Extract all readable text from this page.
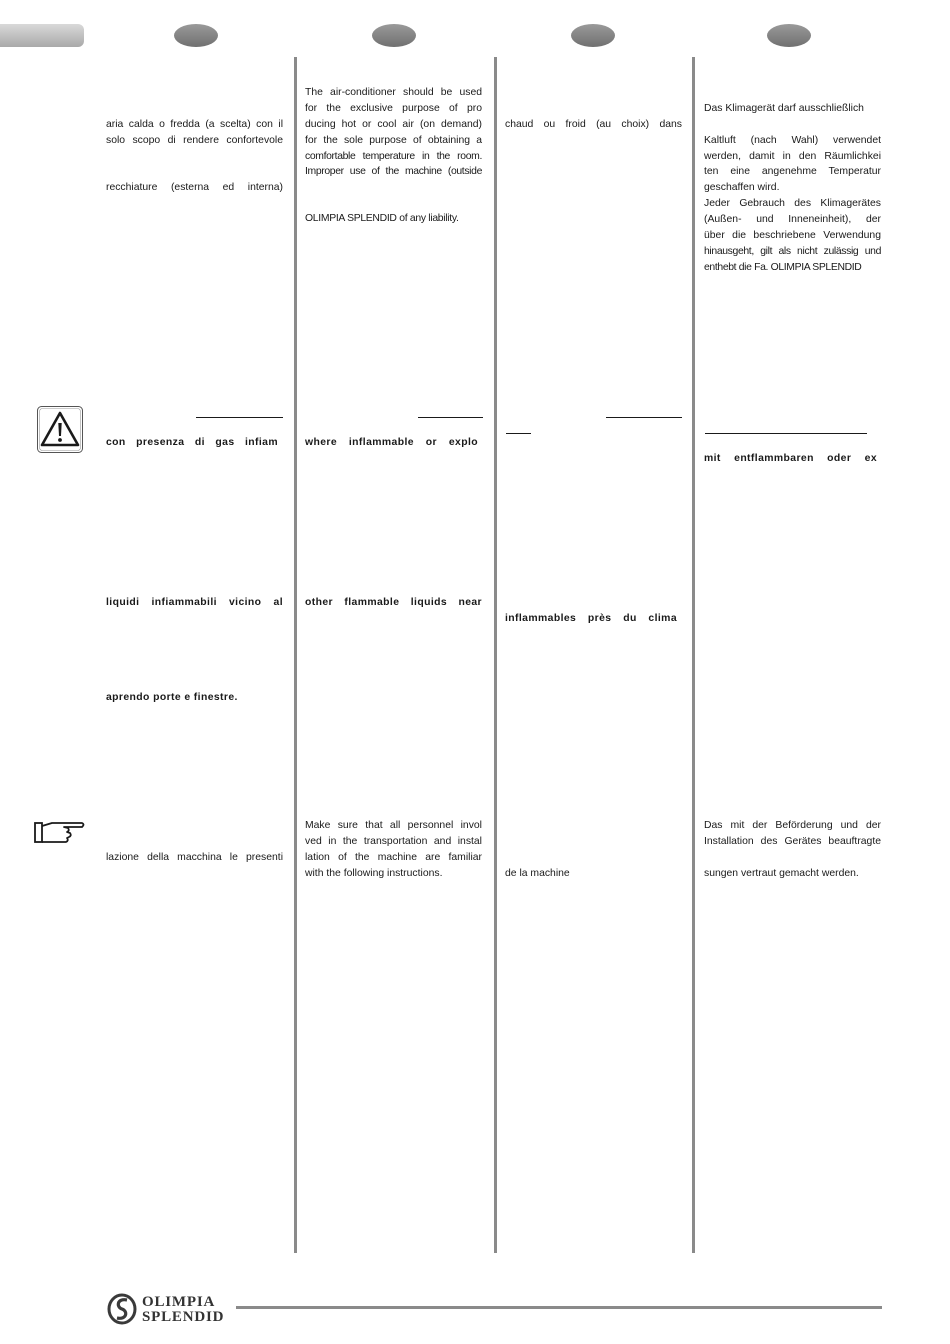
aria calda o fredda (a scelta) con il
solo scopo di rendere confortevole
recchiature (esterna ed interna)
con presenza di gas infiam
liquidi infiammabili vicino al
aprendo porte e finestre.
lazione della macchina le presenti
The air-conditioner should be used
for the exclusive purpose of pro
ducing hot or cool air (on demand)
for the sole purpose of obtaining a
comfortable temperature in the room.
Improper use of the machine (outside
OLIMPIA SPLENDID of any liability.
where inflammable or explo
other flammable liquids near
Make sure that all personnel invol
ved in the transportation and instal
lation of the machine are familiar
with the following instructions.
chaud ou froid (au choix) dans
inflammables près du clima
de la machine
Das Klimagerät darf ausschließlich
Kaltluft (nach Wahl) verwendet
werden, damit in den Räumlichkei
ten eine angenehme Temperatur
geschaffen wird.
Jeder Gebrauch des Klimagerätes
(Außen- und Inneneinheit), der
über die beschriebene Verwendung
hinausgeht, gilt als nicht zulässig und
enthebt die Fa. OLIMPIA SPLENDID
mit entflammbaren oder ex
Das mit der Beförderung und der
Installation des Gerätes beauftragte
sungen vertraut gemacht werden.
OLIMPIA
SPLENDID
